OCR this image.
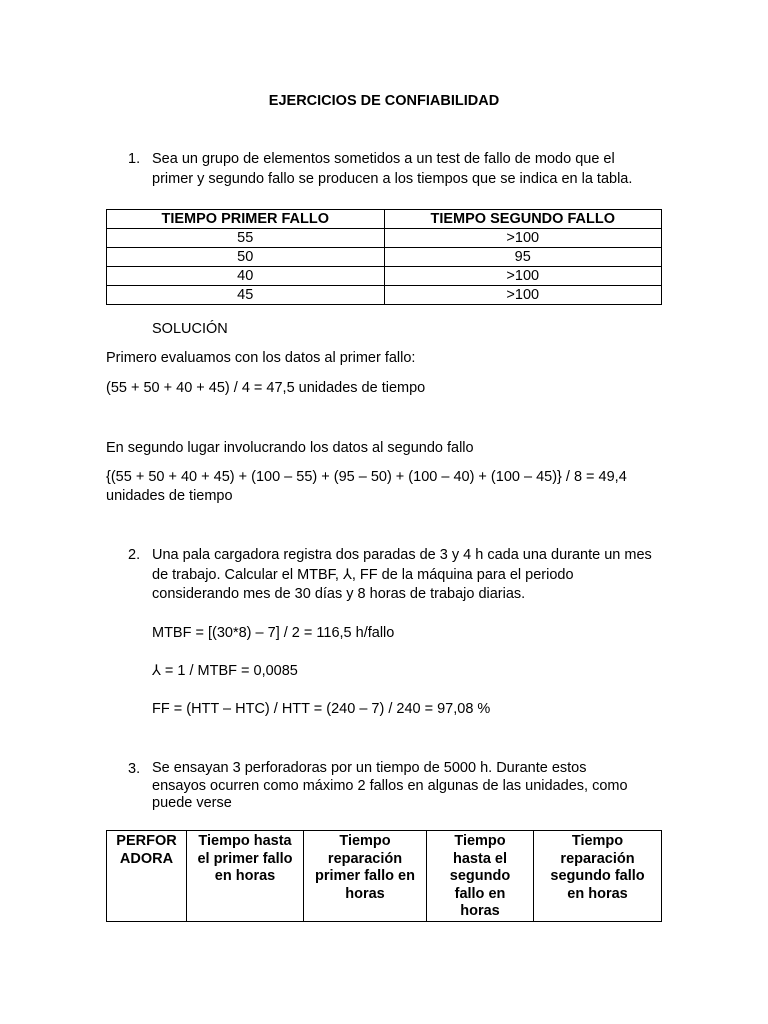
EJERCICIOS DE CONFIABILIDAD
1. Sea un grupo de elementos sometidos a un test de fallo de modo que el
primer y segundo fallo se producen a los tiempos que se indica en la tabla.
TIEMPO PRIMER FALLO	TIEMPO SEGUNDO FALLO
55	>100
50	95
40	>100
45	>100
SOLUCIÓN
Primero evaluamos con los datos al primer fallo:
(55 + 50 + 40 + 45) / 4 = 47,5 unidades de tiempo
En segundo lugar involucrando los datos al segundo fallo
{(55 + 50 + 40 + 45) + (100 – 55) + (95 – 50) + (100 – 40) + (100 – 45)} / 8 = 49,4
unidades de tiempo
2. Una pala cargadora registra dos paradas de 3 y 4 h cada una durante un mes
de trabajo. Calcular el MTBF, ⅄, FF de la máquina para el periodo
considerando mes de 30 días y 8 horas de trabajo diarias.
MTBF = [(30*8) – 7] / 2 = 116,5 h/fallo
⅄ = 1 / MTBF = 0,0085
FF = (HTT – HTC) / HTT = (240 – 7) / 240 = 97,08 %
3. Se ensayan 3 perforadoras por un tiempo de 5000 h. Durante estos
ensayos ocurren como máximo 2 fallos en algunas de las unidades, como
puede verse
PERFOR
ADORA

Tiempo hasta
el primer fallo
en horas

Tiempo
reparación
primer fallo en
horas

Tiempo
hasta el
segundo
fallo en
horas

Tiempo
reparación
segundo fallo
en horas
